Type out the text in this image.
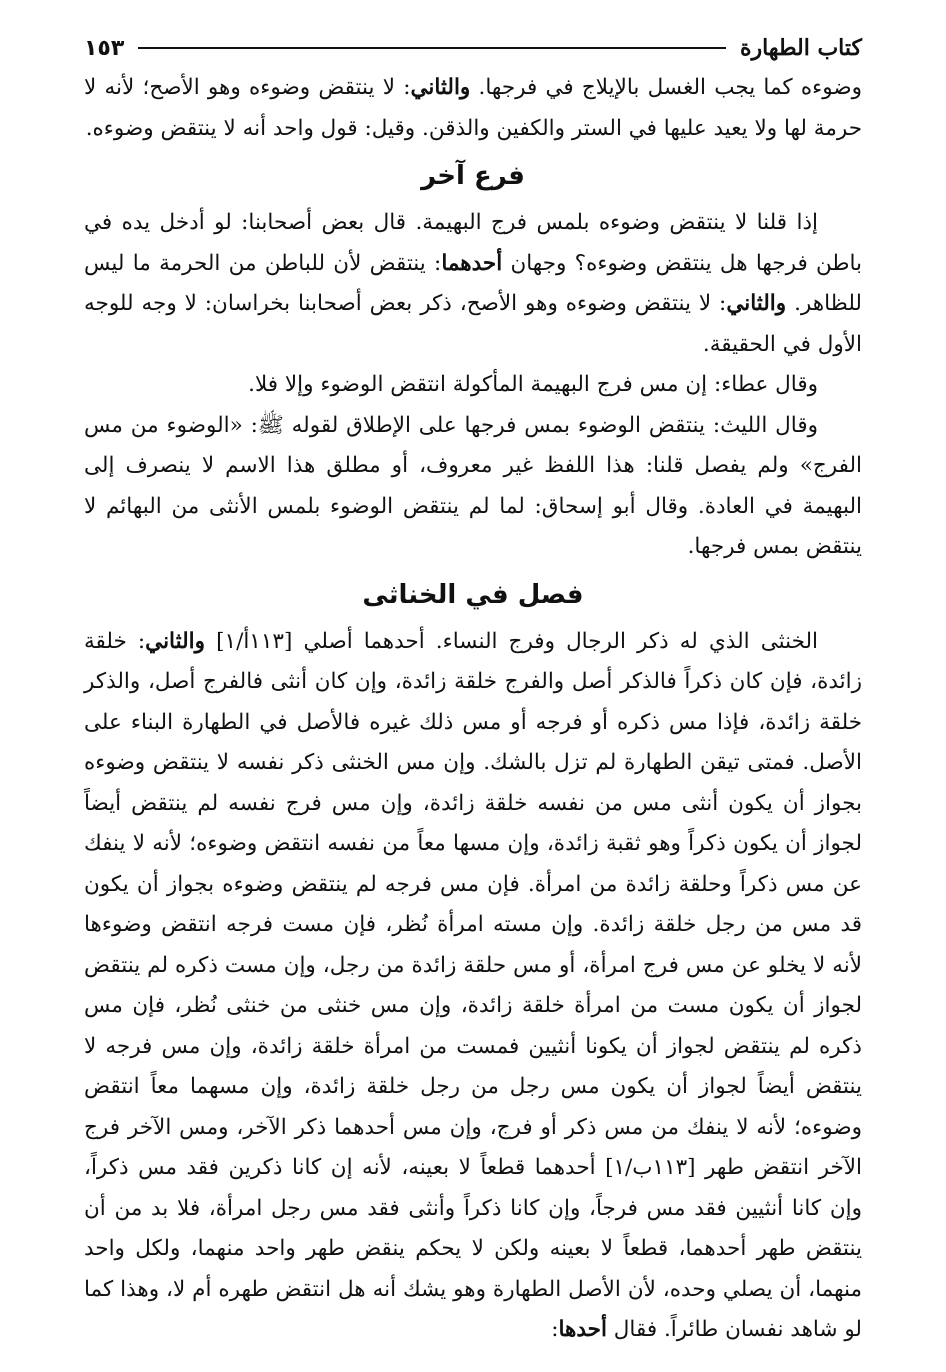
كتاب الطهارة
١٥٣

وضوءه كما يجب الغسل بالإيلاج في فرجها. والثاني: لا ينتقض وضوءه وهو الأصح؛ لأنه لا حرمة لها ولا يعيد عليها في الستر والكفين والذقن. وقيل: قول واحد أنه لا ينتقض وضوءه.

فرع آخر

إذا قلنا لا ينتقض وضوءه بلمس فرج البهيمة. قال بعض أصحابنا: لو أدخل يده في باطن فرجها هل ينتقض وضوءه؟ وجهان أحدهما: ينتقض لأن للباطن من الحرمة ما ليس للظاهر. والثاني: لا ينتقض وضوءه وهو الأصح، ذكر بعض أصحابنا بخراسان: لا وجه للوجه الأول في الحقيقة.

وقال عطاء: إن مس فرج البهيمة المأكولة انتقض الوضوء وإلا فلا.

وقال الليث: ينتقض الوضوء بمس فرجها على الإطلاق لقوله ﷺ: «الوضوء من مس الفرج» ولم يفصل قلنا: هذا اللفظ غير معروف، أو مطلق هذا الاسم لا ينصرف إلى البهيمة في العادة. وقال أبو إسحاق: لما لم ينتقض الوضوء بلمس الأنثى من البهائم لا ينتقض بمس فرجها.

فصل في الخناثى

الخنثى الذي له ذكر الرجال وفرج النساء. أحدهما أصلي [١١٣أ/١] والثاني: خلقة زائدة، فإن كان ذكراً فالذكر أصل والفرج خلقة زائدة، وإن كان أنثى فالفرج أصل، والذكر خلقة زائدة، فإذا مس ذكره أو فرجه أو مس ذلك غيره فالأصل في الطهارة البناء على الأصل. فمتى تيقن الطهارة لم تزل بالشك. وإن مس الخنثى ذكر نفسه لا ينتقض وضوءه بجواز أن يكون أنثى مس من نفسه خلقة زائدة، وإن مس فرج نفسه لم ينتقض أيضاً لجواز أن يكون ذكراً وهو ثقبة زائدة، وإن مسها معاً من نفسه انتقض وضوءه؛ لأنه لا ينفك عن مس ذكراً وحلقة زائدة من امرأة. فإن مس فرجه لم ينتقض وضوءه بجواز أن يكون قد مس من رجل خلقة زائدة. وإن مسته امرأة نُظر، فإن مست فرجه انتقض وضوءها لأنه لا يخلو عن مس فرج امرأة، أو مس حلقة زائدة من رجل، وإن مست ذكره لم ينتقض لجواز أن يكون مست من امرأة خلقة زائدة، وإن مس خنثى من خنثى نُظر، فإن مس ذكره لم ينتقض لجواز أن يكونا أنثيين فمست من امرأة خلقة زائدة، وإن مس فرجه لا ينتقض أيضاً لجواز أن يكون مس رجل من رجل خلقة زائدة، وإن مسهما معاً انتقض وضوءه؛ لأنه لا ينفك من مس ذكر أو فرج، وإن مس أحدهما ذكر الآخر، ومس الآخر فرج الآخر انتقض طهر [١١٣ب/١] أحدهما قطعاً لا بعينه، لأنه إن كانا ذكرين فقد مس ذكراً، وإن كانا أنثيين فقد مس فرجاً، وإن كانا ذكراً وأنثى فقد مس رجل امرأة، فلا بد من أن ينتقض طهر أحدهما، قطعاً لا بعينه ولكن لا يحكم ينقض طهر واحد منهما، ولكل واحد منهما، أن يصلي وحده، لأن الأصل الطهارة وهو يشك أنه هل انتقض طهره أم لا، وهذا كما لو شاهد نفسان طائراً. فقال أحدها:
